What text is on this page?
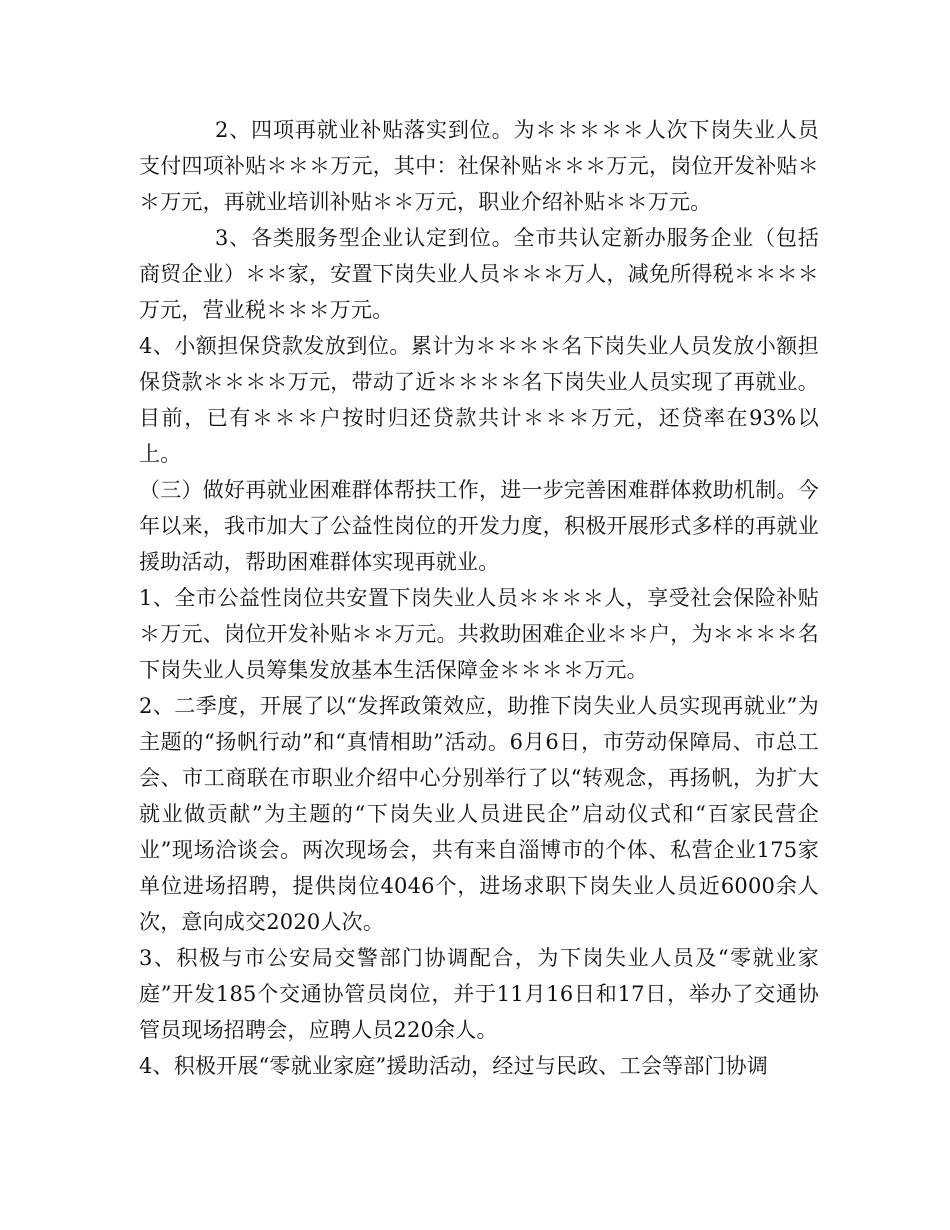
2、四项再就业补贴落实到位。为＊＊＊＊＊人次下岗失业人员支付四项补贴＊＊＊万元，其中：社保补贴＊＊＊万元，岗位开发补贴＊＊万元，再就业培训补贴＊＊万元，职业介绍补贴＊＊万元。

3、各类服务型企业认定到位。全市共认定新办服务企业（包括商贸企业）＊＊家，安置下岗失业人员＊＊＊万人，减免所得税＊＊＊＊万元，营业税＊＊＊万元。

4、小额担保贷款发放到位。累计为＊＊＊＊名下岗失业人员发放小额担保贷款＊＊＊＊万元，带动了近＊＊＊＊名下岗失业人员实现了再就业。目前，已有＊＊＊户按时归还贷款共计＊＊＊万元，还贷率在93%以上。

（三）做好再就业困难群体帮扶工作，进一步完善困难群体救助机制。今年以来，我市加大了公益性岗位的开发力度，积极开展形式多样的再就业援助活动，帮助困难群体实现再就业。

1、全市公益性岗位共安置下岗失业人员＊＊＊＊人，享受社会保险补贴＊万元、岗位开发补贴＊＊万元。共救助困难企业＊＊户，为＊＊＊＊名下岗失业人员筹集发放基本生活保障金＊＊＊＊万元。

2、二季度，开展了以“发挥政策效应，助推下岗失业人员实现再就业”为主题的“扬帆行动”和“真情相助”活动。6月6日，市劳动保障局、市总工会、市工商联在市职业介绍中心分别举行了以“转观念，再扬帆，为扩大就业做贡献”为主题的“下岗失业人员进民企”启动仪式和“百家民营企业”现场洽谈会。两次现场会，共有来自淄博市的个体、私营企业175家单位进场招聘，提供岗位4046个，进场求职下岗失业人员近6000余人次，意向成交2020人次。

3、积极与市公安局交警部门协调配合，为下岗失业人员及“零就业家庭”开发185个交通协管员岗位，并于11月16日和17日，举办了交通协管员现场招聘会，应聘人员220余人。

4、积极开展“零就业家庭”援助活动，经过与民政、工会等部门协调
